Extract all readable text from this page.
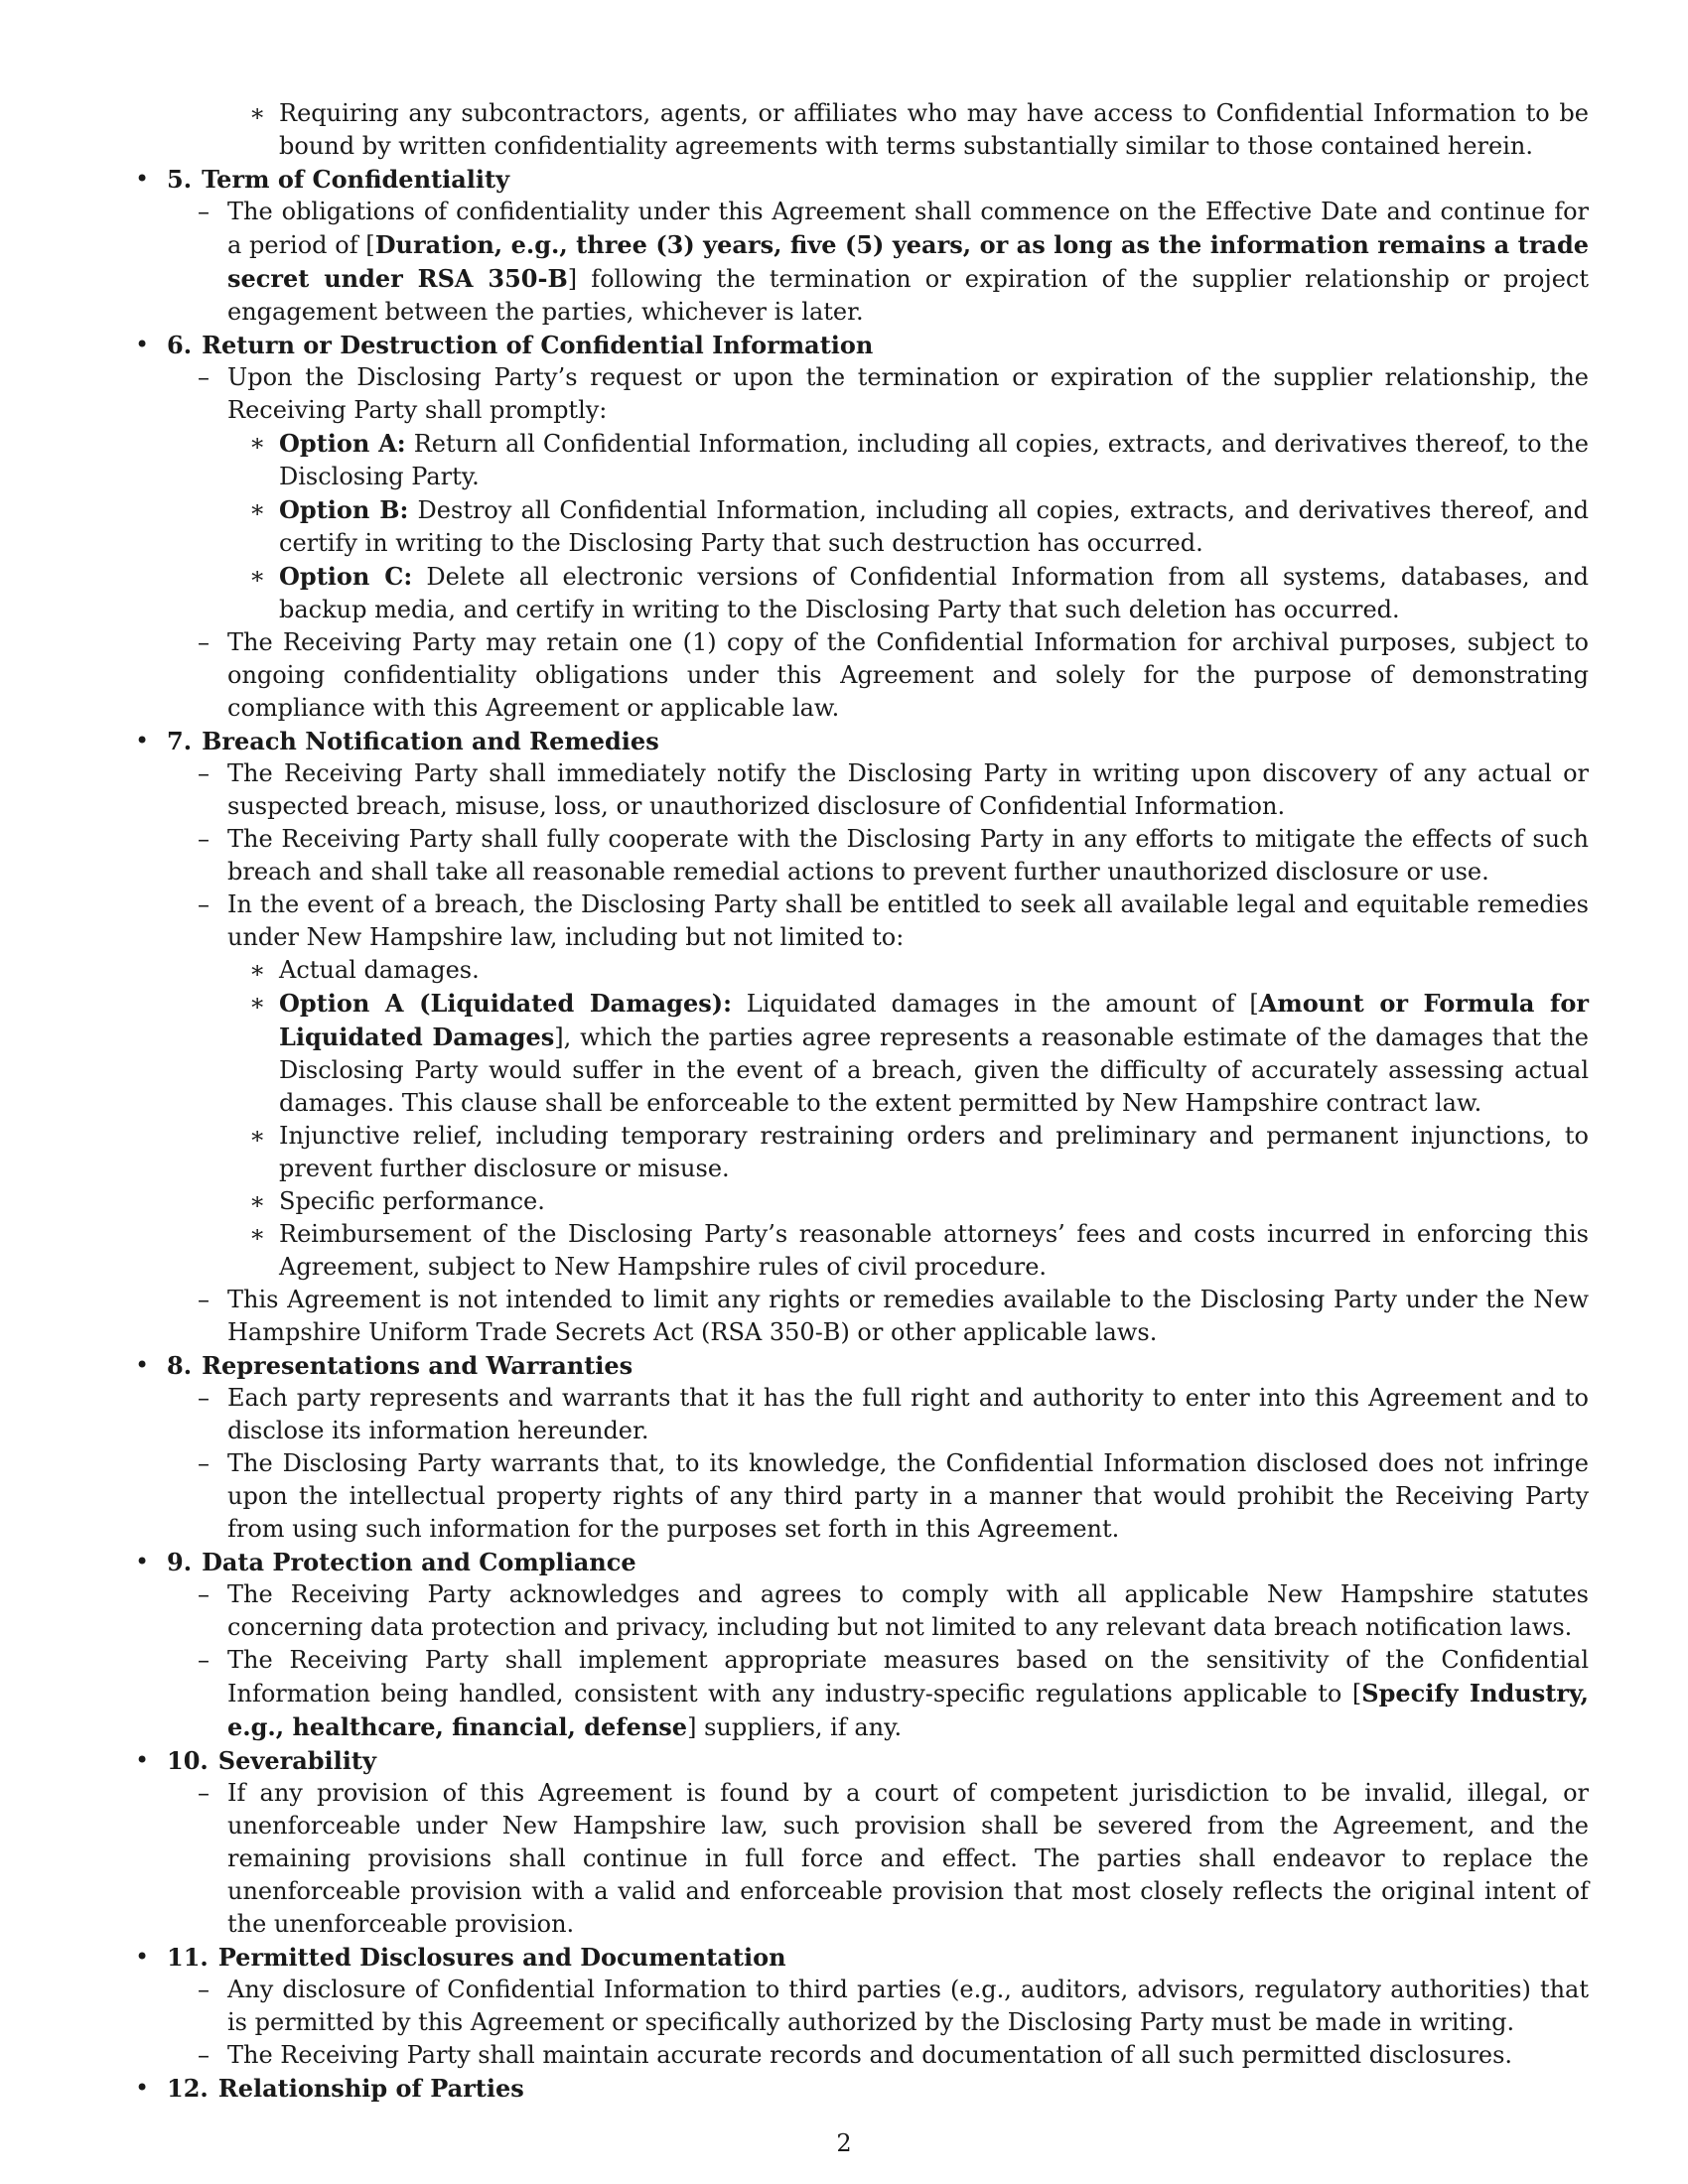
∗ Requiring any subcontractors, agents, or affiliates who may have access to Confidential Information to be bound by written confidentiality agreements with terms substantially similar to those contained herein.
• 5. Term of Confidentiality
– The obligations of confidentiality under this Agreement shall commence on the Effective Date and continue for a period of [Duration, e.g., three (3) years, five (5) years, or as long as the information remains a trade secret under RSA 350-B] following the termination or expiration of the supplier relationship or project engagement between the parties, whichever is later.
• 6. Return or Destruction of Confidential Information
– Upon the Disclosing Party’s request or upon the termination or expiration of the supplier relationship, the Receiving Party shall promptly:
∗ Option A: Return all Confidential Information, including all copies, extracts, and derivatives thereof, to the Disclosing Party.
∗ Option B: Destroy all Confidential Information, including all copies, extracts, and derivatives thereof, and certify in writing to the Disclosing Party that such destruction has occurred.
∗ Option C: Delete all electronic versions of Confidential Information from all systems, databases, and backup media, and certify in writing to the Disclosing Party that such deletion has occurred.
– The Receiving Party may retain one (1) copy of the Confidential Information for archival purposes, subject to ongoing confidentiality obligations under this Agreement and solely for the purpose of demonstrating compliance with this Agreement or applicable law.
• 7. Breach Notification and Remedies
– The Receiving Party shall immediately notify the Disclosing Party in writing upon discovery of any actual or suspected breach, misuse, loss, or unauthorized disclosure of Confidential Information.
– The Receiving Party shall fully cooperate with the Disclosing Party in any efforts to mitigate the effects of such breach and shall take all reasonable remedial actions to prevent further unauthorized disclosure or use.
– In the event of a breach, the Disclosing Party shall be entitled to seek all available legal and equitable remedies under New Hampshire law, including but not limited to:
∗ Actual damages.
∗ Option A (Liquidated Damages): Liquidated damages in the amount of [Amount or Formula for Liquidated Damages], which the parties agree represents a reasonable estimate of the damages that the Disclosing Party would suffer in the event of a breach, given the difficulty of accurately assessing actual damages. This clause shall be enforceable to the extent permitted by New Hampshire contract law.
∗ Injunctive relief, including temporary restraining orders and preliminary and permanent injunctions, to prevent further disclosure or misuse.
∗ Specific performance.
∗ Reimbursement of the Disclosing Party’s reasonable attorneys’ fees and costs incurred in enforcing this Agreement, subject to New Hampshire rules of civil procedure.
– This Agreement is not intended to limit any rights or remedies available to the Disclosing Party under the New Hampshire Uniform Trade Secrets Act (RSA 350-B) or other applicable laws.
• 8. Representations and Warranties
– Each party represents and warrants that it has the full right and authority to enter into this Agreement and to disclose its information hereunder.
– The Disclosing Party warrants that, to its knowledge, the Confidential Information disclosed does not infringe upon the intellectual property rights of any third party in a manner that would prohibit the Receiving Party from using such information for the purposes set forth in this Agreement.
• 9. Data Protection and Compliance
– The Receiving Party acknowledges and agrees to comply with all applicable New Hampshire statutes concerning data protection and privacy, including but not limited to any relevant data breach notification laws.
– The Receiving Party shall implement appropriate measures based on the sensitivity of the Confidential Information being handled, consistent with any industry-specific regulations applicable to [Specify Industry, e.g., healthcare, financial, defense] suppliers, if any.
• 10. Severability
– If any provision of this Agreement is found by a court of competent jurisdiction to be invalid, illegal, or unenforceable under New Hampshire law, such provision shall be severed from the Agreement, and the remaining provisions shall continue in full force and effect. The parties shall endeavor to replace the unenforceable provision with a valid and enforceable provision that most closely reflects the original intent of the unenforceable provision.
• 11. Permitted Disclosures and Documentation
– Any disclosure of Confidential Information to third parties (e.g., auditors, advisors, regulatory authorities) that is permitted by this Agreement or specifically authorized by the Disclosing Party must be made in writing.
– The Receiving Party shall maintain accurate records and documentation of all such permitted disclosures.
• 12. Relationship of Parties
2
